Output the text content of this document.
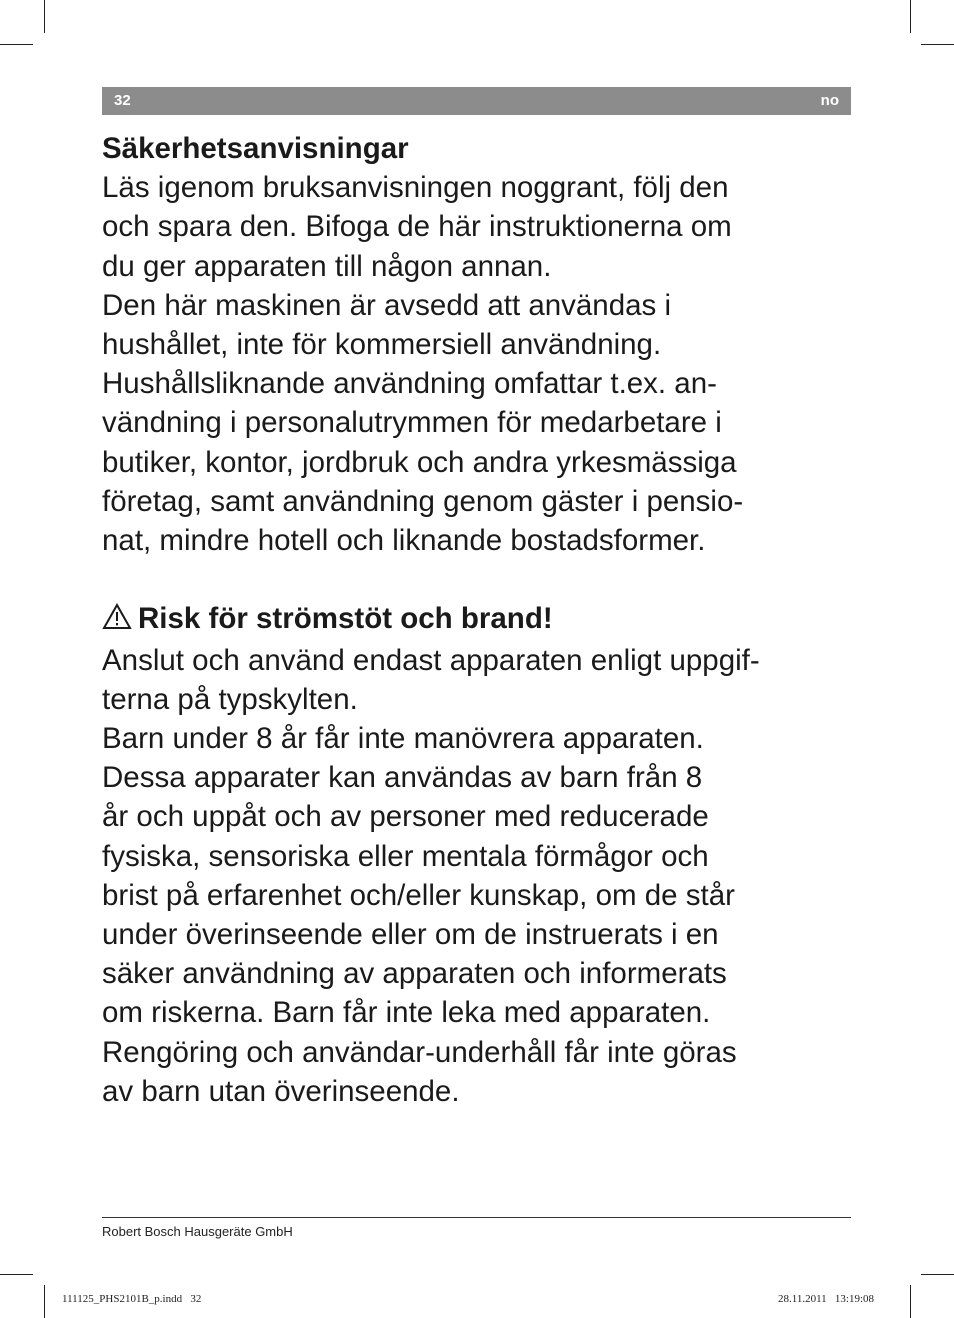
32	no
Säkerhetsanvisningar
Läs igenom bruksanvisningen noggrant, följ den
och spara den. Bifoga de här instruktionerna om
du ger apparaten till någon annan.
Den här maskinen är avsedd att användas i
hushållet, inte för kommersiell användning.
Hushållsliknande användning omfattar t.ex. an-
vändning i personalutrymmen för medarbetare i
butiker, kontor, jordbruk och andra yrkesmässiga
företag, samt användning genom gäster i pensio-
nat, mindre hotell och liknande bostadsformer.
Risk för strömstöt och brand!
Anslut och använd endast apparaten enligt uppgif-
terna på typskylten.
Barn under 8 år får inte manövrera apparaten.
Dessa apparater kan användas av barn från 8
år och uppåt och av personer med reducerade
fysiska, sensoriska eller mentala förmågor och
brist på erfarenhet och/eller kunskap, om de står
under överinseende eller om de instruerats i en
säker användning av apparaten och informerats
om riskerna. Barn får inte leka med apparaten.
Rengöring och användar-underhåll får inte göras
av barn utan överinseende.
Robert Bosch Hausgeräte GmbH
111125_PHS2101B_p.indd   32	28.11.2011   13:19:08
